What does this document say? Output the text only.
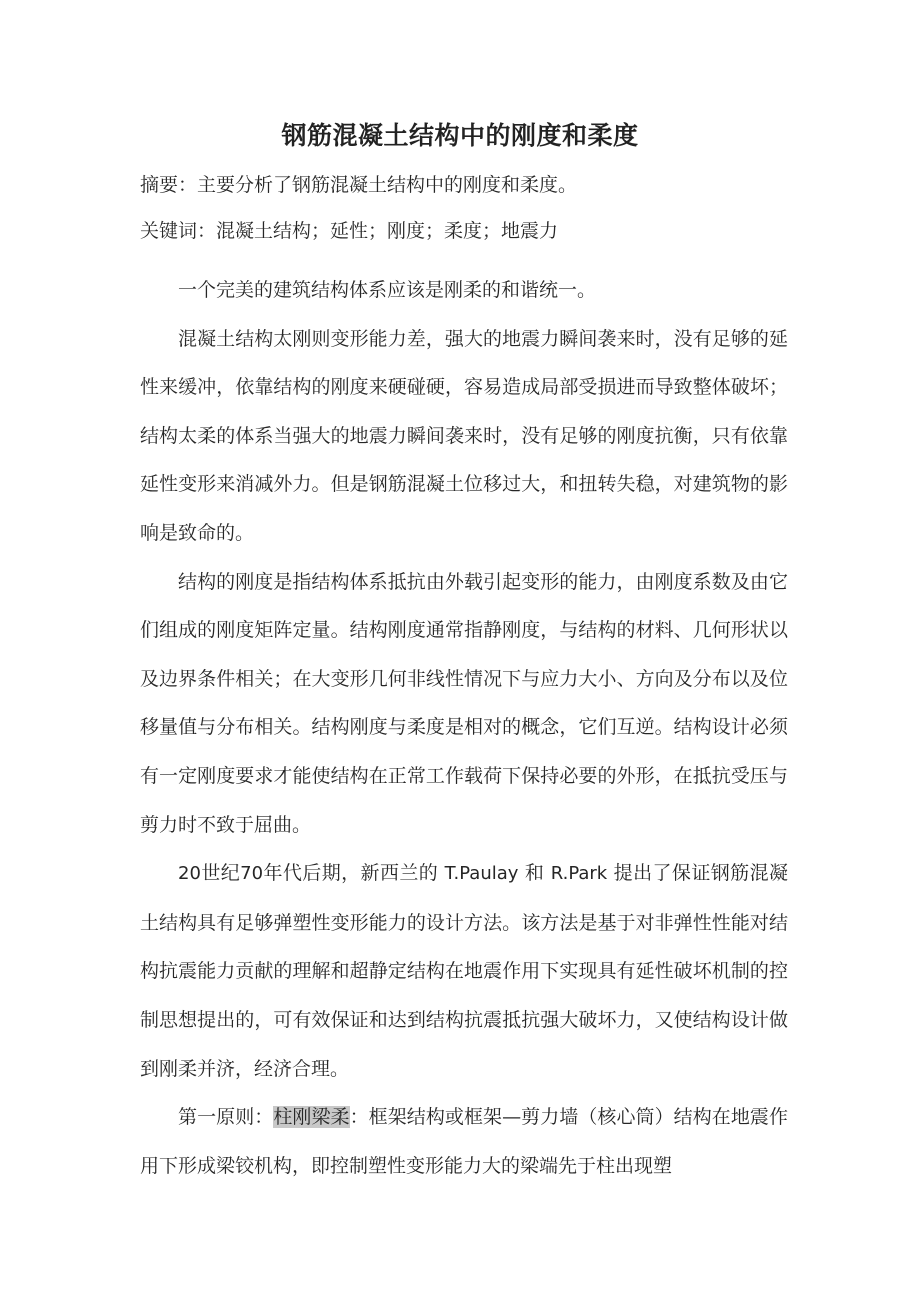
钢筋混凝土结构中的刚度和柔度
摘要：主要分析了钢筋混凝土结构中的刚度和柔度。
关键词：混凝土结构；延性；刚度；柔度；地震力

一个完美的建筑结构体系应该是刚柔的和谐统一。

混凝土结构太刚则变形能力差，强大的地震力瞬间袭来时，没有足够的延性来缓冲，依靠结构的刚度来硬碰硬，容易造成局部受损进而导致整体破坏；结构太柔的体系当强大的地震力瞬间袭来时，没有足够的刚度抗衡，只有依靠延性变形来消减外力。但是钢筋混凝土位移过大，和扭转失稳，对建筑物的影响是致命的。

结构的刚度是指结构体系抵抗由外载引起变形的能力，由刚度系数及由它们组成的刚度矩阵定量。结构刚度通常指静刚度，与结构的材料、几何形状以及边界条件相关；在大变形几何非线性情况下与应力大小、方向及分布以及位移量值与分布相关。结构刚度与柔度是相对的概念，它们互逆。结构设计必须有一定刚度要求才能使结构在正常工作载荷下保持必要的外形，在抵抗受压与剪力时不致于屈曲。

20世纪70年代后期，新西兰的 T.Paulay 和 R.Park 提出了保证钢筋混凝土结构具有足够弹塑性变形能力的设计方法。该方法是基于对非弹性性能对结构抗震能力贡献的理解和超静定结构在地震作用下实现具有延性破坏机制的控制思想提出的，可有效保证和达到结构抗震抵抗强大破坏力，又使结构设计做到刚柔并济，经济合理。

第一原则：柱刚梁柔：框架结构或框架—剪力墙（核心筒）结构在地震作用下形成梁铰机构，即控制塑性变形能力大的梁端先于柱出现塑
